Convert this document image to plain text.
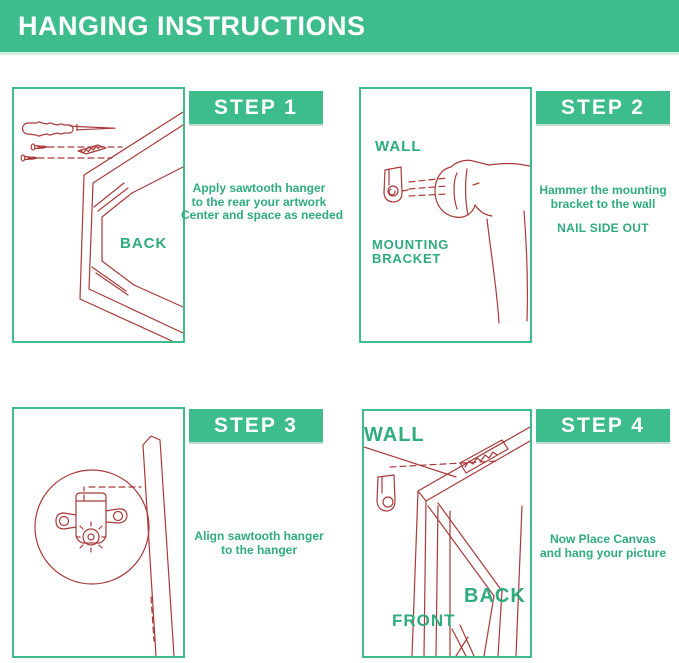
HANGING INSTRUCTIONS
BACK
STEP 1
Apply sawtooth hanger
to the rear your artwork
Center and space as needed
WALL
MOUNTING
BRACKET
STEP 2
Hammer the mounting
bracket to the wall
NAIL SIDE OUT
STEP 3
Align sawtooth hanger
to the hanger
WALL
BACK
FRONT
STEP 4
Now Place Canvas
and hang your picture
